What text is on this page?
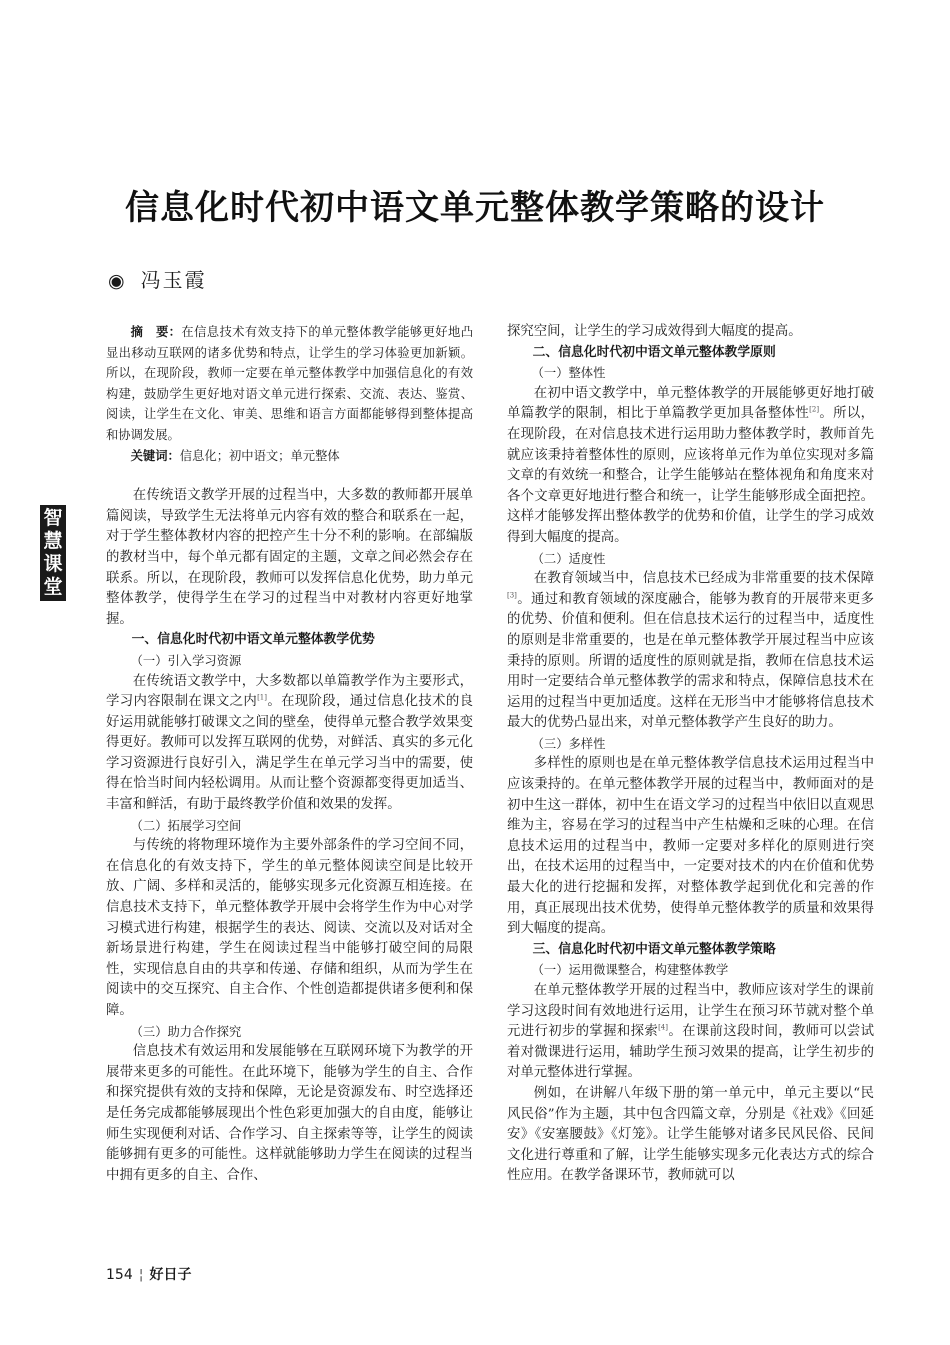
智
慧
课
堂
信息化时代初中语文单元整体教学策略的设计
◉ 冯玉霞

摘　要：在信息技术有效支持下的单元整体教学能够更好地凸显出移动互联网的诸多优势和特点，让学生的学习体验更加新颖。所以，在现阶段，教师一定要在单元整体教学中加强信息化的有效构建，鼓励学生更好地对语文单元进行探索、交流、表达、鉴赏、阅读，让学生在文化、审美、思维和语言方面都能够得到整体提高和协调发展。

关键词：信息化；初中语文；单元整体

在传统语文教学开展的过程当中，大多数的教师都开展单篇阅读，导致学生无法将单元内容有效的整合和联系在一起，对于学生整体教材内容的把控产生十分不利的影响。在部编版的教材当中，每个单元都有固定的主题，文章之间必然会存在联系。所以，在现阶段，教师可以发挥信息化优势，助力单元整体教学，使得学生在学习的过程当中对教材内容更好地掌握。

一、信息化时代初中语文单元整体教学优势

（一）引入学习资源

在传统语文教学中，大多数都以单篇教学作为主要形式，学习内容限制在课文之内[1]。在现阶段，通过信息化技术的良好运用就能够打破课文之间的壁垒，使得单元整合教学效果变得更好。教师可以发挥互联网的优势，对鲜活、真实的多元化学习资源进行良好引入，满足学生在单元学习当中的需要，使得在恰当时间内轻松调用。从而让整个资源都变得更加适当、丰富和鲜活，有助于最终教学价值和效果的发挥。

（二）拓展学习空间

与传统的将物理环境作为主要外部条件的学习空间不同，在信息化的有效支持下，学生的单元整体阅读空间是比较开放、广阔、多样和灵活的，能够实现多元化资源互相连接。在信息技术支持下，单元整体教学开展中会将学生作为中心对学习模式进行构建，根据学生的表达、阅读、交流以及对话对全新场景进行构建，学生在阅读过程当中能够打破空间的局限性，实现信息自由的共享和传递、存储和组织，从而为学生在阅读中的交互探究、自主合作、个性创造都提供诸多便利和保障。

（三）助力合作探究

信息技术有效运用和发展能够在互联网环境下为教学的开展带来更多的可能性。在此环境下，能够为学生的自主、合作和探究提供有效的支持和保障，无论是资源发布、时空选择还是任务完成都能够展现出个性色彩更加强大的自由度，能够让师生实现便利对话、合作学习、自主探索等等，让学生的阅读能够拥有更多的可能性。这样就能够助力学生在阅读的过程当中拥有更多的自主、合作、

探究空间，让学生的学习成效得到大幅度的提高。

二、信息化时代初中语文单元整体教学原则

（一）整体性

在初中语文教学中，单元整体教学的开展能够更好地打破单篇教学的限制，相比于单篇教学更加具备整体性[2]。所以，在现阶段，在对信息技术进行运用助力整体教学时，教师首先就应该秉持着整体性的原则，应该将单元作为单位实现对多篇文章的有效统一和整合，让学生能够站在整体视角和角度来对各个文章更好地进行整合和统一，让学生能够形成全面把控。这样才能够发挥出整体教学的优势和价值，让学生的学习成效得到大幅度的提高。

（二）适度性

在教育领域当中，信息技术已经成为非常重要的技术保障[3]。通过和教育领域的深度融合，能够为教育的开展带来更多的优势、价值和便利。但在信息技术运行的过程当中，适度性的原则是非常重要的，也是在单元整体教学开展过程当中应该秉持的原则。所谓的适度性的原则就是指，教师在信息技术运用时一定要结合单元整体教学的需求和特点，保障信息技术在运用的过程当中更加适度。这样在无形当中才能够将信息技术最大的优势凸显出来，对单元整体教学产生良好的助力。

（三）多样性

多样性的原则也是在单元整体教学信息技术运用过程当中应该秉持的。在单元整体教学开展的过程当中，教师面对的是初中生这一群体，初中生在语文学习的过程当中依旧以直观思维为主，容易在学习的过程当中产生枯燥和乏味的心理。在信息技术运用的过程当中，教师一定要对多样化的原则进行突出，在技术运用的过程当中，一定要对技术的内在价值和优势最大化的进行挖掘和发挥，对整体教学起到优化和完善的作用，真正展现出技术优势，使得单元整体教学的质量和效果得到大幅度的提高。

三、信息化时代初中语文单元整体教学策略

（一）运用微课整合，构建整体教学

在单元整体教学开展的过程当中，教师应该对学生的课前学习这段时间有效地进行运用，让学生在预习环节就对整个单元进行初步的掌握和探索[4]。在课前这段时间，教师可以尝试着对微课进行运用，辅助学生预习效果的提高，让学生初步的对单元整体进行掌握。

例如，在讲解八年级下册的第一单元中，单元主要以“民风民俗”作为主题，其中包含四篇文章，分别是《社戏》《回延安》《安塞腰鼓》《灯笼》。让学生能够对诸多民风民俗、民间文化进行尊重和了解，让学生能够实现多元化表达方式的综合性应用。在教学备课环节，教师就可以

154 ¦ 好日子
